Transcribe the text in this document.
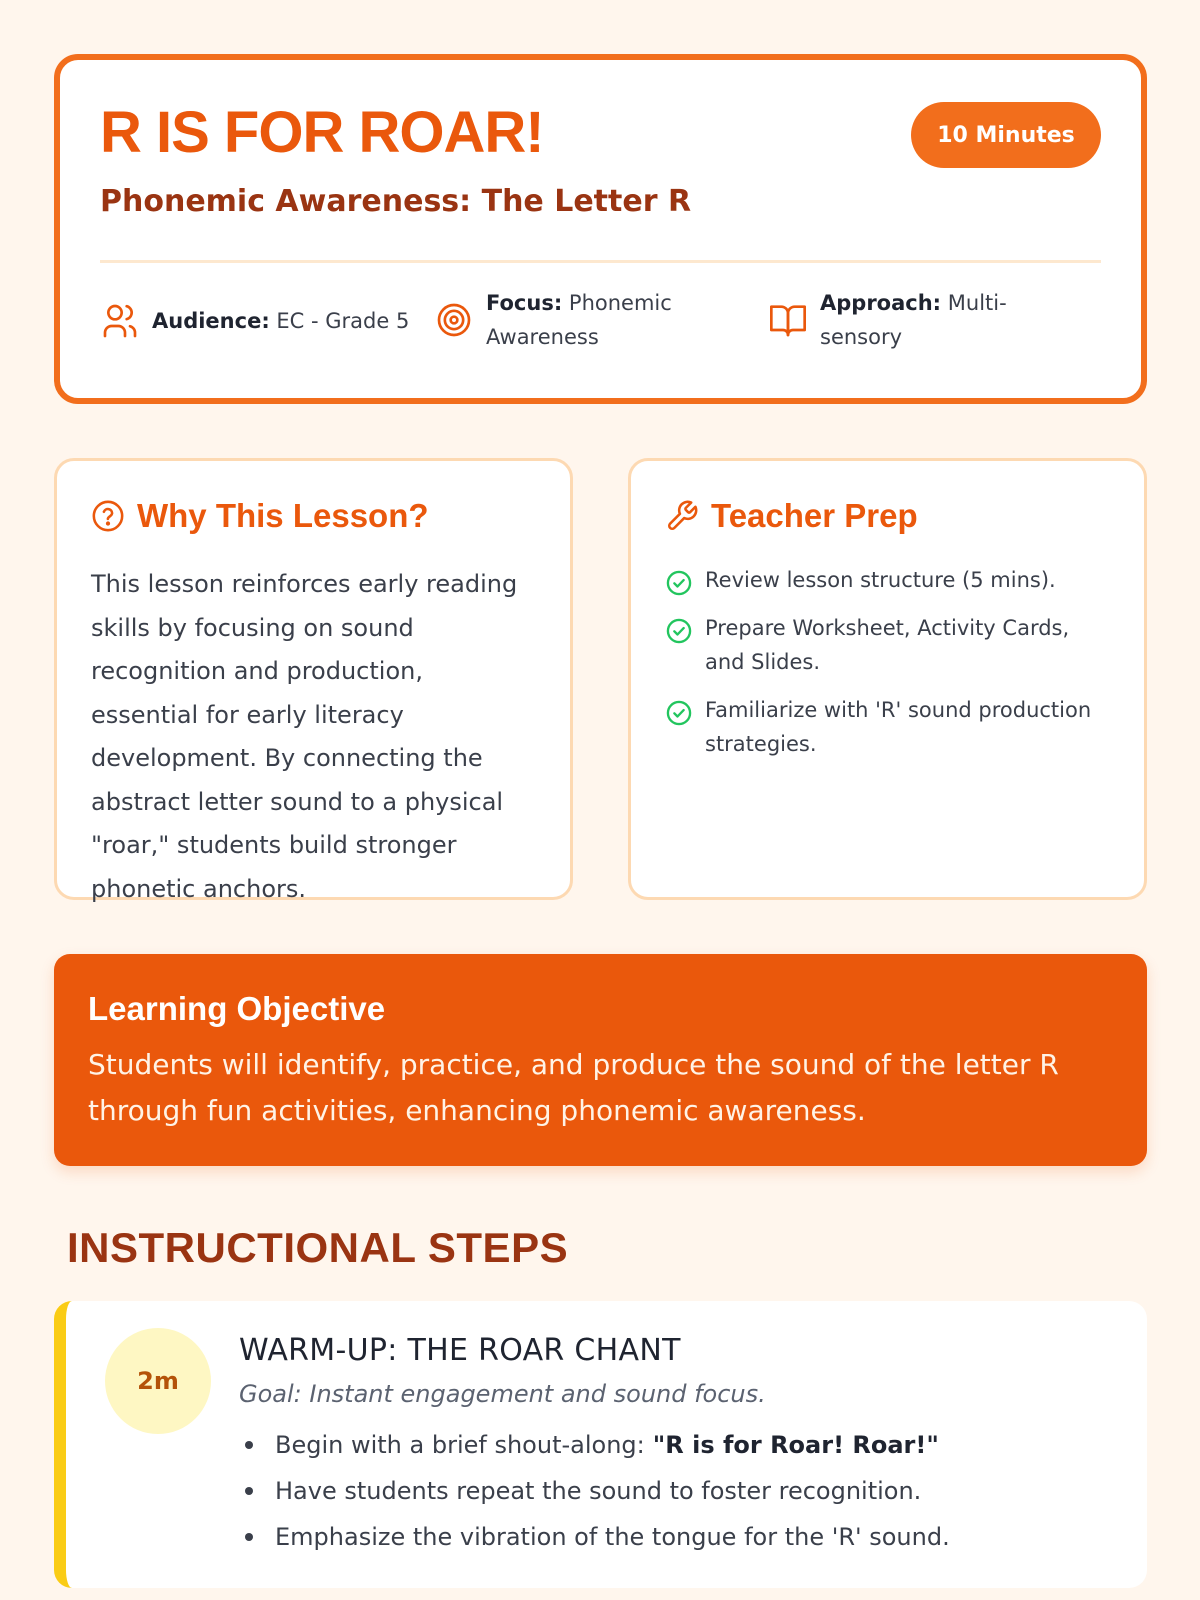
R IS FOR ROAR!
Phonemic Awareness: The Letter R
10 Minutes
Audience: EC - Grade 5
Focus: Phonemic Awareness
Approach: Multi-sensory
Why This Lesson?

This lesson reinforces early reading skills by focusing on sound recognition and production, essential for early literacy development. By connecting the abstract letter sound to a physical "roar," students build stronger phonetic anchors.

Teacher Prep
Review lesson structure (5 mins).
Prepare Worksheet, Activity Cards, and Slides.
Familiarize with 'R' sound production strategies.
Learning Objective
Students will identify, practice, and produce the sound of the letter R through fun activities, enhancing phonemic awareness.
INSTRUCTIONAL STEPS
2m
WARM-UP: THE ROAR CHANT
Goal: Instant engagement and sound focus.
Begin with a brief shout-along: "R is for Roar! Roar!"
Have students repeat the sound to foster recognition.
Emphasize the vibration of the tongue for the 'R' sound.
